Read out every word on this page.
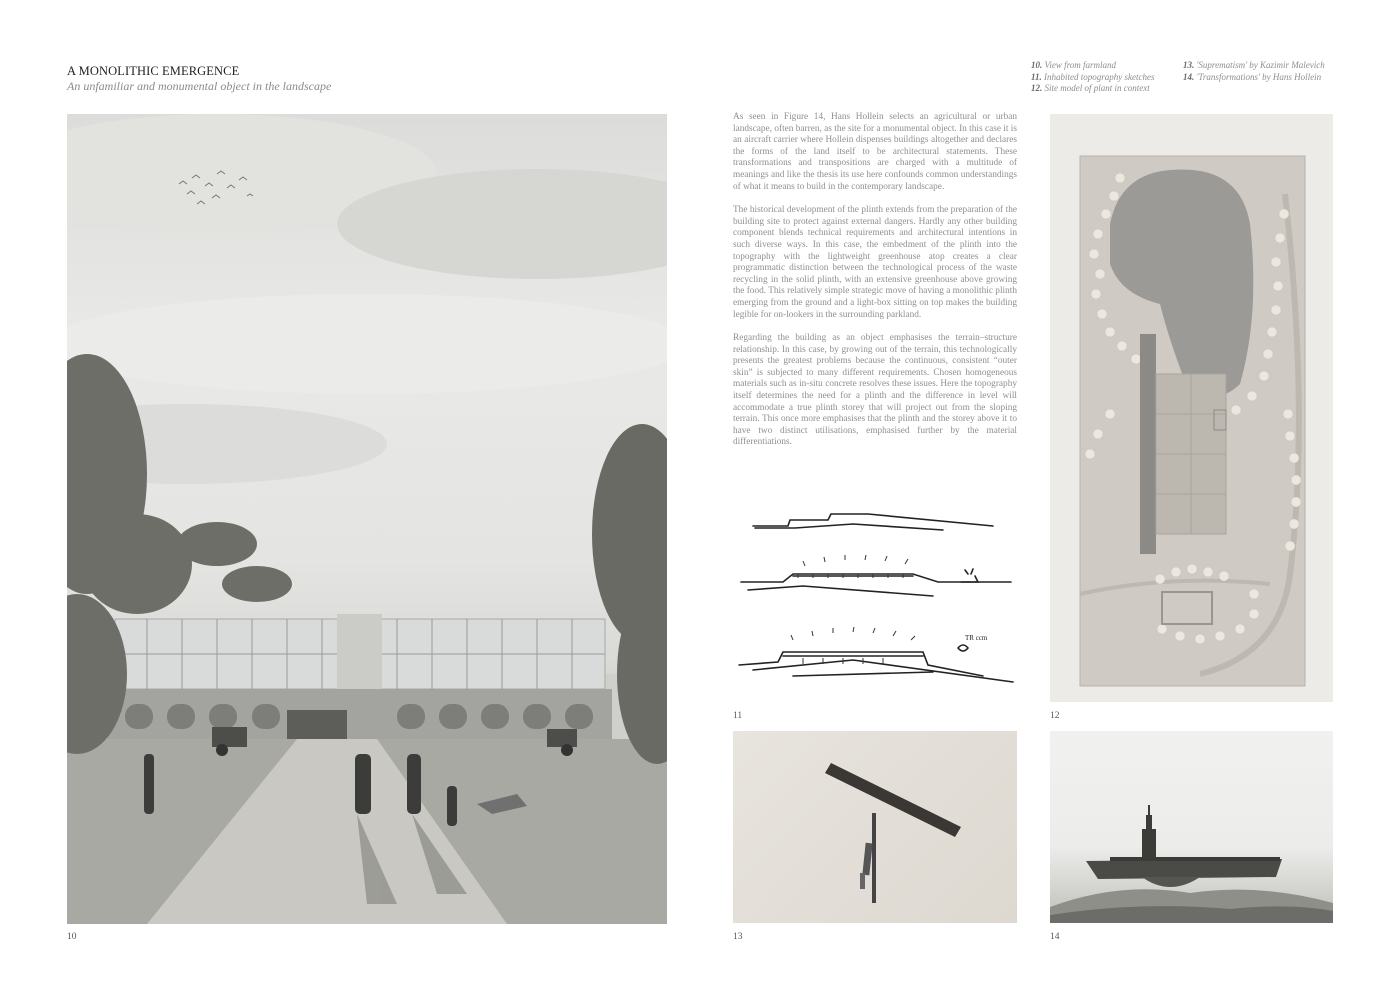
A MONOLITHIC EMERGENCE
An unfamiliar and monumental object in the landscape
10. View from farmland
11. Inhabited topography sketches
12. Site model of plant in context
13. 'Suprematism' by Kazimir Malevich
14. 'Transformations' by Hans Hollein
10

As seen in Figure 14, Hans Hollein selects an agricultural or urban landscape, often barren, as the site for a monumental object. In this case it is an aircraft carrier where Hollein dispenses buildings altogether and declares the forms of the land itself to be architectural statements. These transformations and transpositions are charged with a multitude of meanings and like the thesis its use here confounds common understandings of what it means to build in the contemporary landscape.

The historical development of the plinth extends from the preparation of the building site to protect against external dangers. Hardly any other building component blends technical requirements and architectural intentions in such diverse ways. In this case, the embedment of the plinth into the topography with the lightweight greenhouse atop creates a clear programmatic distinction between the technological process of the waste recycling in the solid plinth, with an extensive greenhouse above growing the food. This relatively simple strategic move of having a monolithic plinth emerging from the ground and a light-box sitting on top makes the building legible for on-lookers in the surrounding parkland.

Regarding the building as an object emphasises the terrain–structure relationship. In this case, by growing out of the terrain, this technologically presents the greatest problems because the continuous, consistent “outer skin” is subjected to many different requirements. Chosen homogeneous materials such as in-situ concrete resolves these issues. Here the topography itself determines the need for a plinth and the difference in level will accommodate a true plinth storey that will project out from the sloping terrain. This once more emphasises that the plinth and the storey above it to have two distinct utilisations, emphasised further by the material differentiations.

TR ccm
11	12
13	14
